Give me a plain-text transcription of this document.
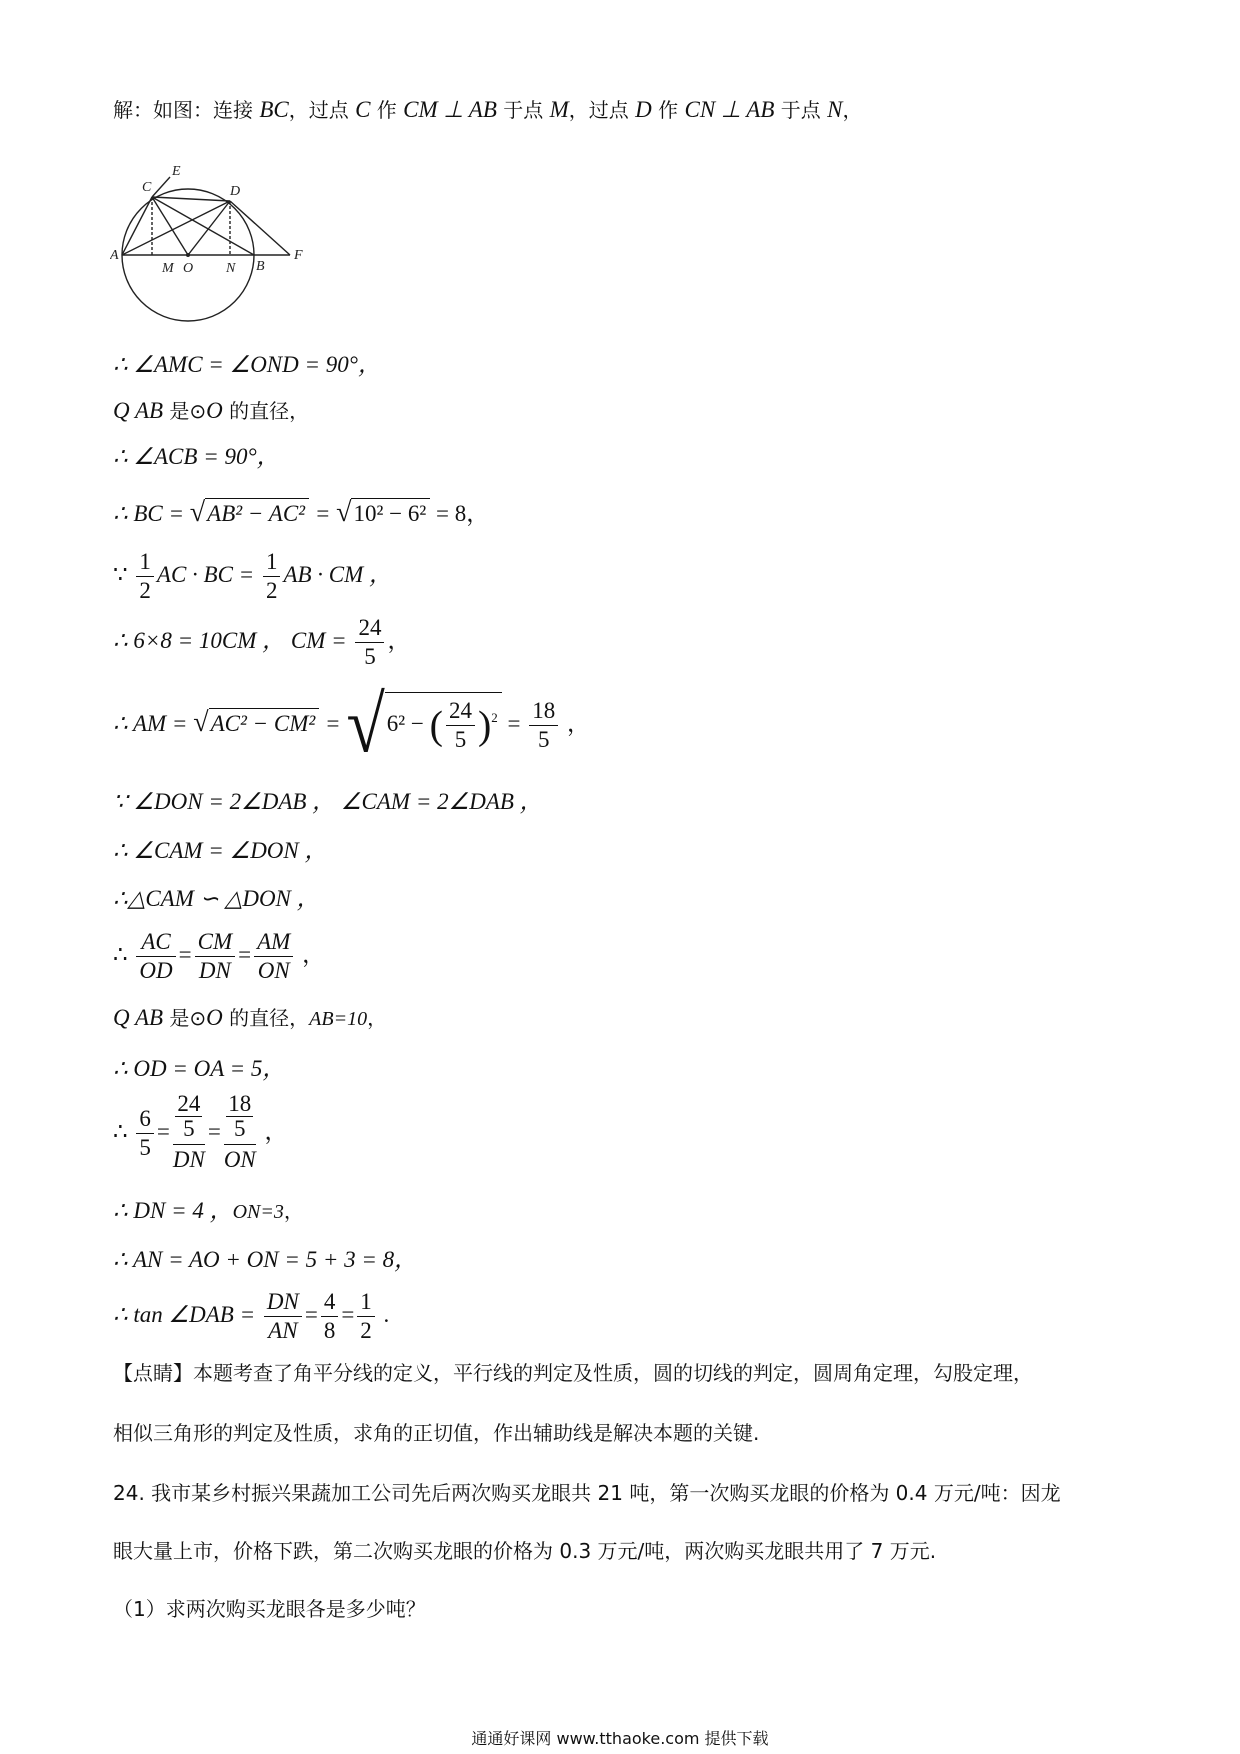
解：如图：连接 BC，过点 C 作 CM ⊥ AB 于点 M，过点 D 作 CN ⊥ AB 于点 N，
A
B
C	D
E
F
M O N
∴ ∠AMC = ∠OND = 90°，
Q AB 是⊙O 的直径，
∴ ∠ACB = 90°，
∴ BC = √AB² − AC² = √10² − 6² = 8，
∵ $\frac{1}{2}$ AC · BC = $\frac{1}{2}$ AB · CM ，
∴ 6×8 = 10CM ， CM = $\frac{24}{5}$ ，
∴ AM = √AC² − CM² = √6² − ( $\frac{24}{5} )^2 = \frac{18}{5}$ ，
∵ ∠DON = 2∠DAB ， ∠CAM = 2∠DAB ，
∴ ∠CAM = ∠DON ，
∴△CAM ∽ △DON ，
∴ $\frac{AC}{OD} = \frac{CM}{DN} = \frac{AM}{ON}$ ，
Q AB 是⊙O 的直径，AB=10，
∴ OD = OA = 5，
∴ $\frac{6}{5} = \frac{\frac{24}{5}}{DN} = \frac{\frac{18}{5}}{ON}$ ，
∴ DN = 4 ，ON=3，
∴ AN = AO + ON = 5 + 3 = 8，
∴ tan ∠DAB = $\frac{DN}{AN} = \frac{4}{8} = \frac{1}{2}$ .
【点睛】本题考查了角平分线的定义，平行线的判定及性质，圆的切线的判定，圆周角定理，勾股定理，
相似三角形的判定及性质，求角的正切值，作出辅助线是解决本题的关键.
24. 我市某乡村振兴果蔬加工公司先后两次购买龙眼共 21 吨，第一次购买龙眼的价格为 0.4 万元/吨：因龙
眼大量上市，价格下跌，第二次购买龙眼的价格为 0.3 万元/吨，两次购买龙眼共用了 7 万元.
（1）求两次购买龙眼各是多少吨？
通通好课网 www.tthaoke.com 提供下载
